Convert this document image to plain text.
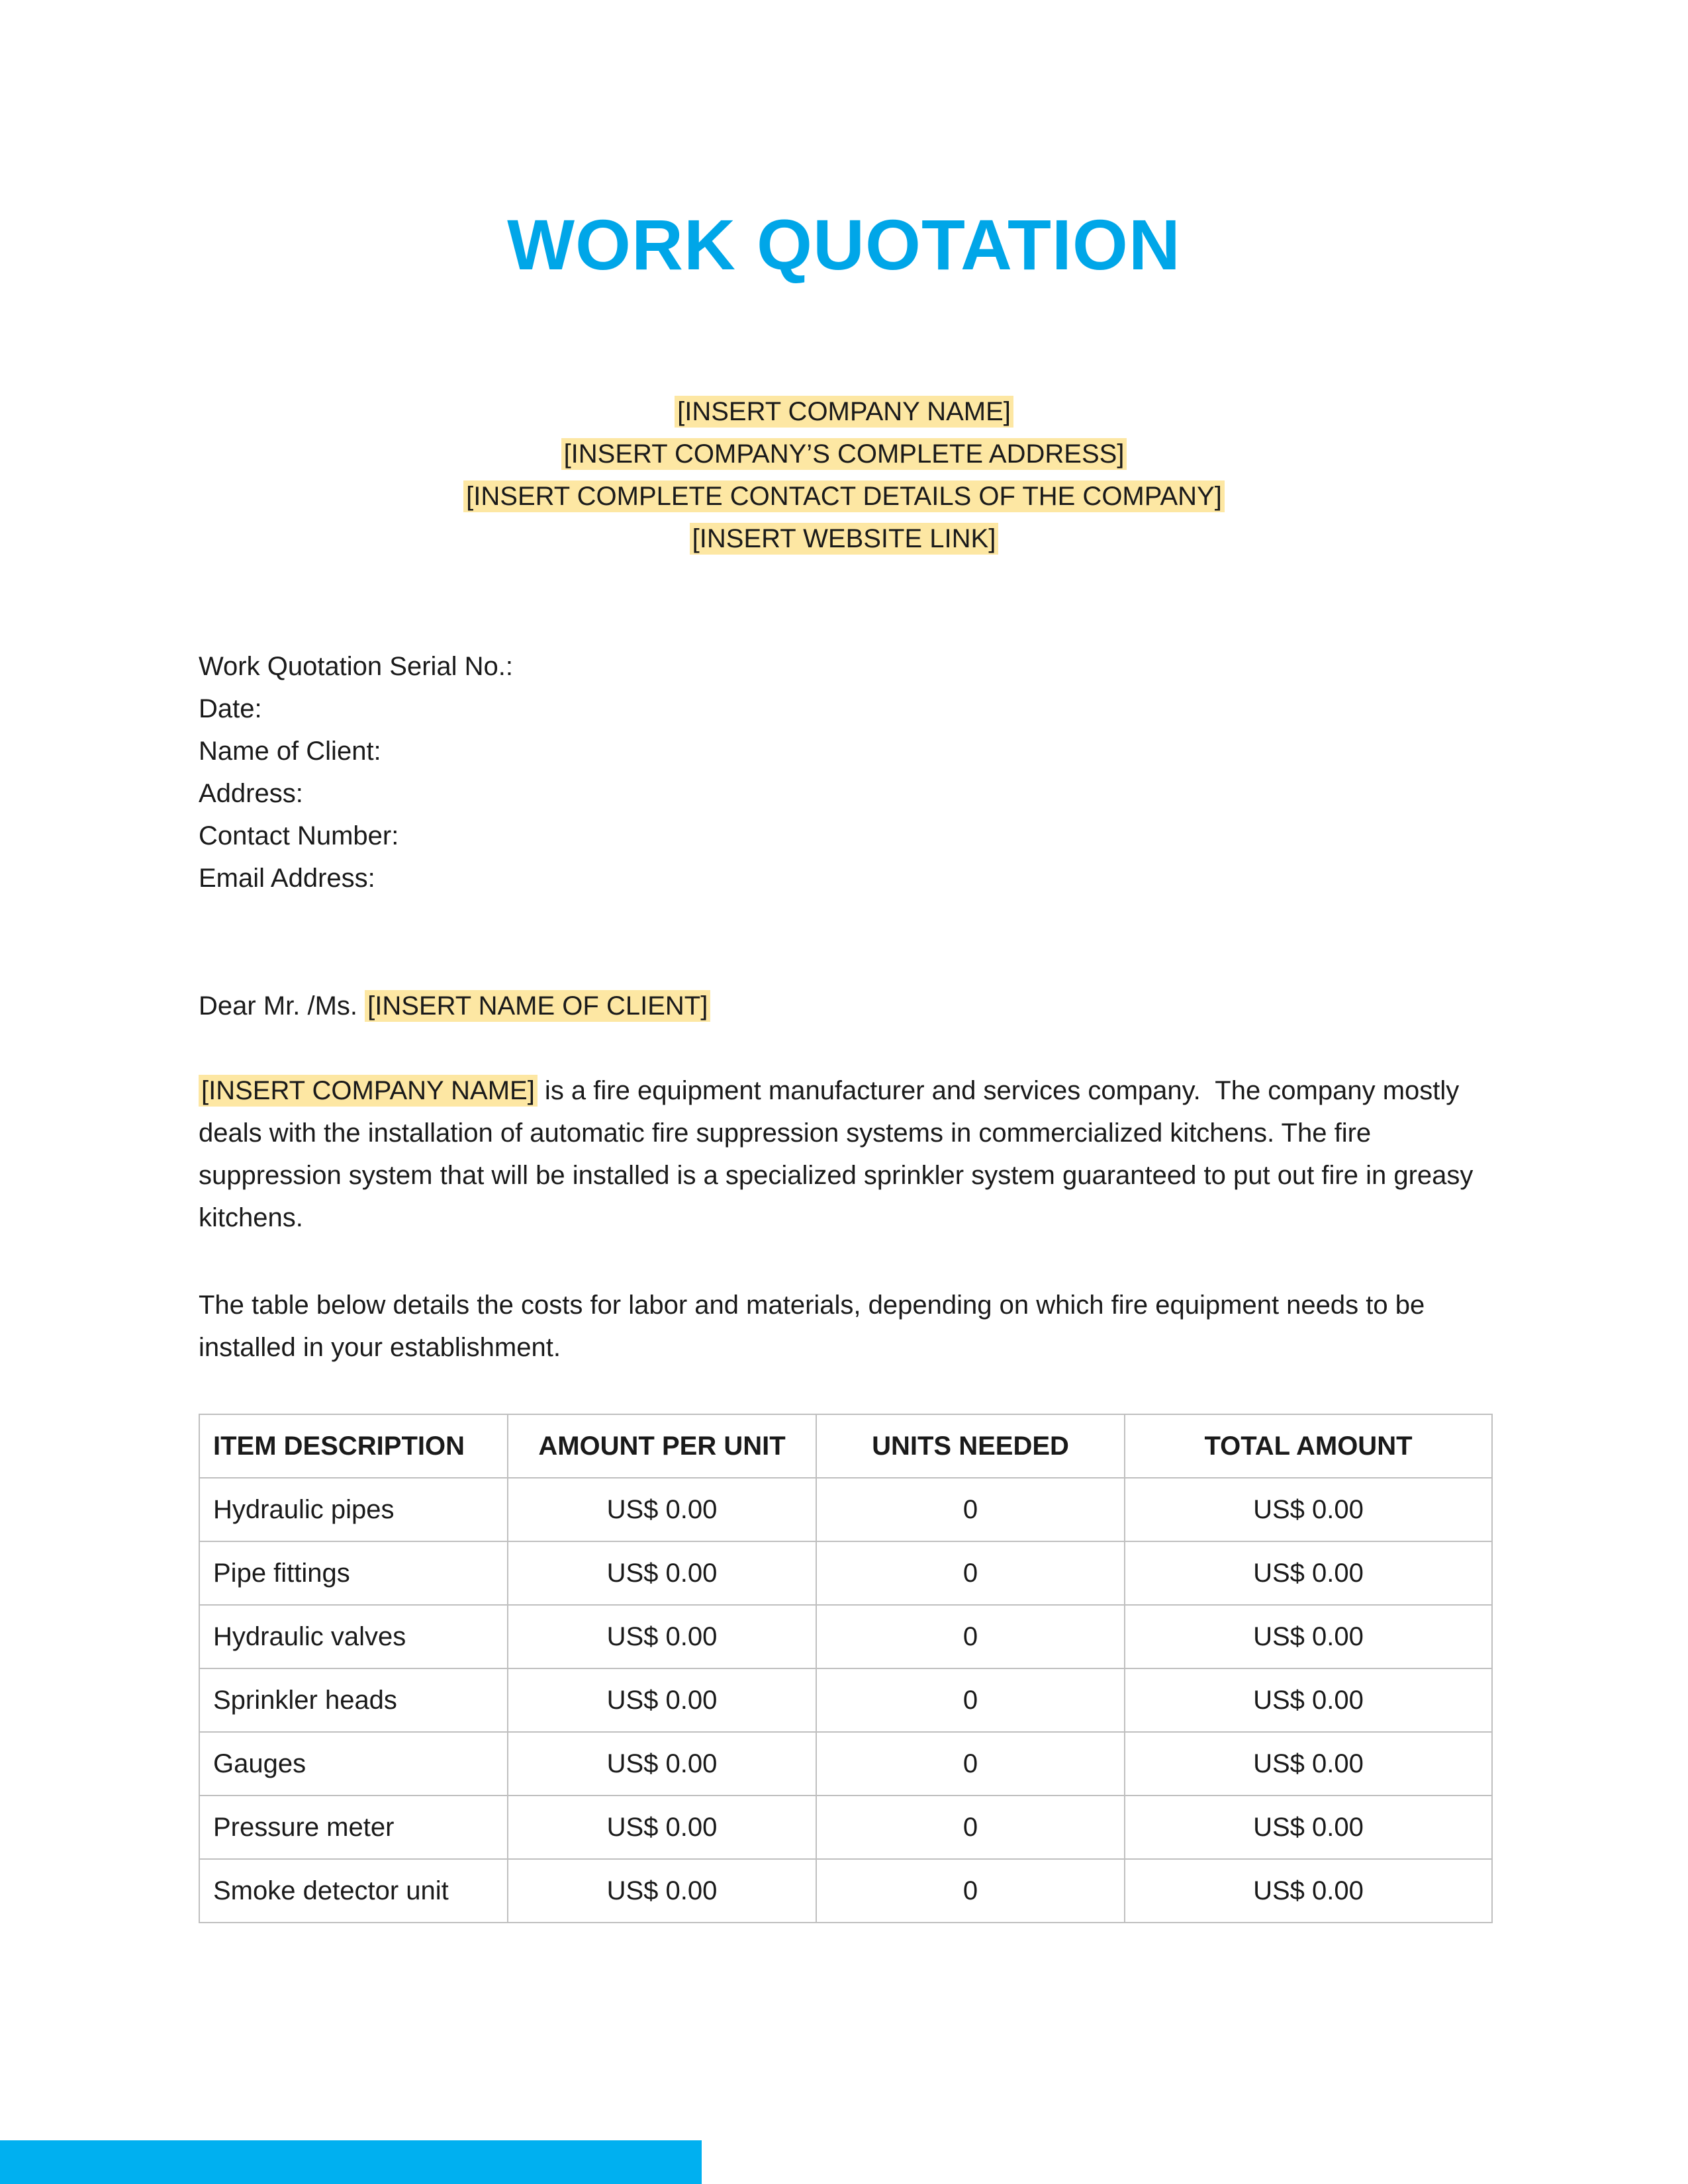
WORK QUOTATION
[INSERT COMPANY NAME]
[INSERT COMPANY’S COMPLETE ADDRESS]
[INSERT COMPLETE CONTACT DETAILS OF THE COMPANY]
[INSERT WEBSITE LINK]
Work Quotation Serial No.:
Date:
Name of Client:
Address:
Contact Number:
Email Address:
Dear Mr. /Ms. [INSERT NAME OF CLIENT]
[INSERT COMPANY NAME] is a fire equipment manufacturer and services company.  The company mostly deals with the installation of automatic fire suppression systems in commercialized kitchens. The fire suppression system that will be installed is a specialized sprinkler system guaranteed to put out fire in greasy kitchens.
The table below details the costs for labor and materials, depending on which fire equipment needs to be installed in your establishment.
ITEM DESCRIPTION	AMOUNT PER UNIT	UNITS NEEDED	TOTAL AMOUNT
Hydraulic pipes	US$ 0.00	0	US$ 0.00
Pipe fittings	US$ 0.00	0	US$ 0.00
Hydraulic valves	US$ 0.00	0	US$ 0.00
Sprinkler heads	US$ 0.00	0	US$ 0.00
Gauges	US$ 0.00	0	US$ 0.00
Pressure meter	US$ 0.00	0	US$ 0.00
Smoke detector unit	US$ 0.00	0	US$ 0.00
